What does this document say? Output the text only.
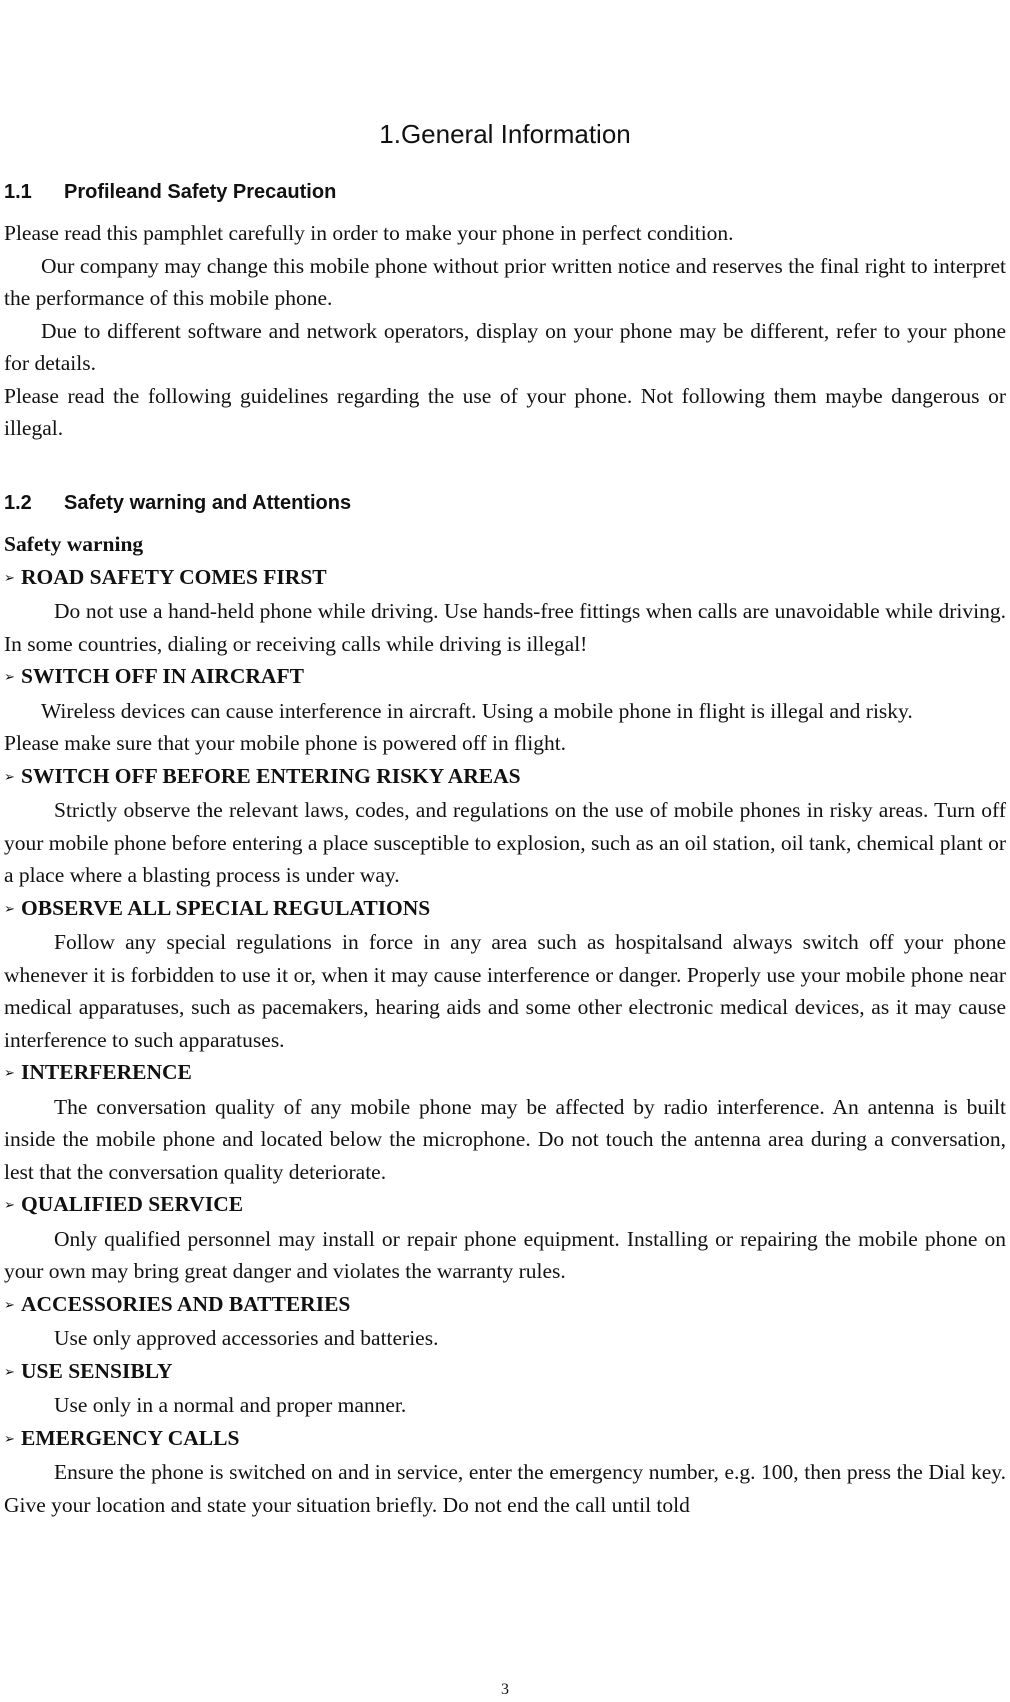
1.General Information
1.1 Profileand Safety Precaution

Please read this pamphlet carefully in order to make your phone in perfect condition.

Our company may change this mobile phone without prior written notice and reserves the final right to interpret the performance of this mobile phone.

Due to different software and network operators, display on your phone may be different, refer to your phone for details.

Please read the following guidelines regarding the use of your phone. Not following them maybe dangerous or illegal.

1.2 Safety warning and Attentions

Safety warning

➢ ROAD SAFETY COMES FIRST

Do not use a hand-held phone while driving. Use hands-free fittings when calls are unavoidable while driving. In some countries, dialing or receiving calls while driving is illegal!

➢ SWITCH OFF IN AIRCRAFT

Wireless devices can cause interference in aircraft. Using a mobile phone in flight is illegal and risky.

Please make sure that your mobile phone is powered off in flight.

➢ SWITCH OFF BEFORE ENTERING RISKY AREAS

Strictly observe the relevant laws, codes, and regulations on the use of mobile phones in risky areas. Turn off your mobile phone before entering a place susceptible to explosion, such as an oil station, oil tank, chemical plant or a place where a blasting process is under way.

➢ OBSERVE ALL SPECIAL REGULATIONS

Follow any special regulations in force in any area such as hospitalsand always switch off your phone whenever it is forbidden to use it or, when it may cause interference or danger. Properly use your mobile phone near medical apparatuses, such as pacemakers, hearing aids and some other electronic medical devices, as it may cause interference to such apparatuses.

➢ INTERFERENCE

The conversation quality of any mobile phone may be affected by radio interference. An antenna is built inside the mobile phone and located below the microphone. Do not touch the antenna area during a conversation, lest that the conversation quality deteriorate.

➢ QUALIFIED SERVICE

Only qualified personnel may install or repair phone equipment. Installing or repairing the mobile phone on your own may bring great danger and violates the warranty rules.

➢ ACCESSORIES AND BATTERIES

Use only approved accessories and batteries.

➢ USE SENSIBLY

Use only in a normal and proper manner.

➢ EMERGENCY CALLS

Ensure the phone is switched on and in service, enter the emergency number, e.g. 100, then press the Dial key. Give your location and state your situation briefly. Do not end the call until told

3
